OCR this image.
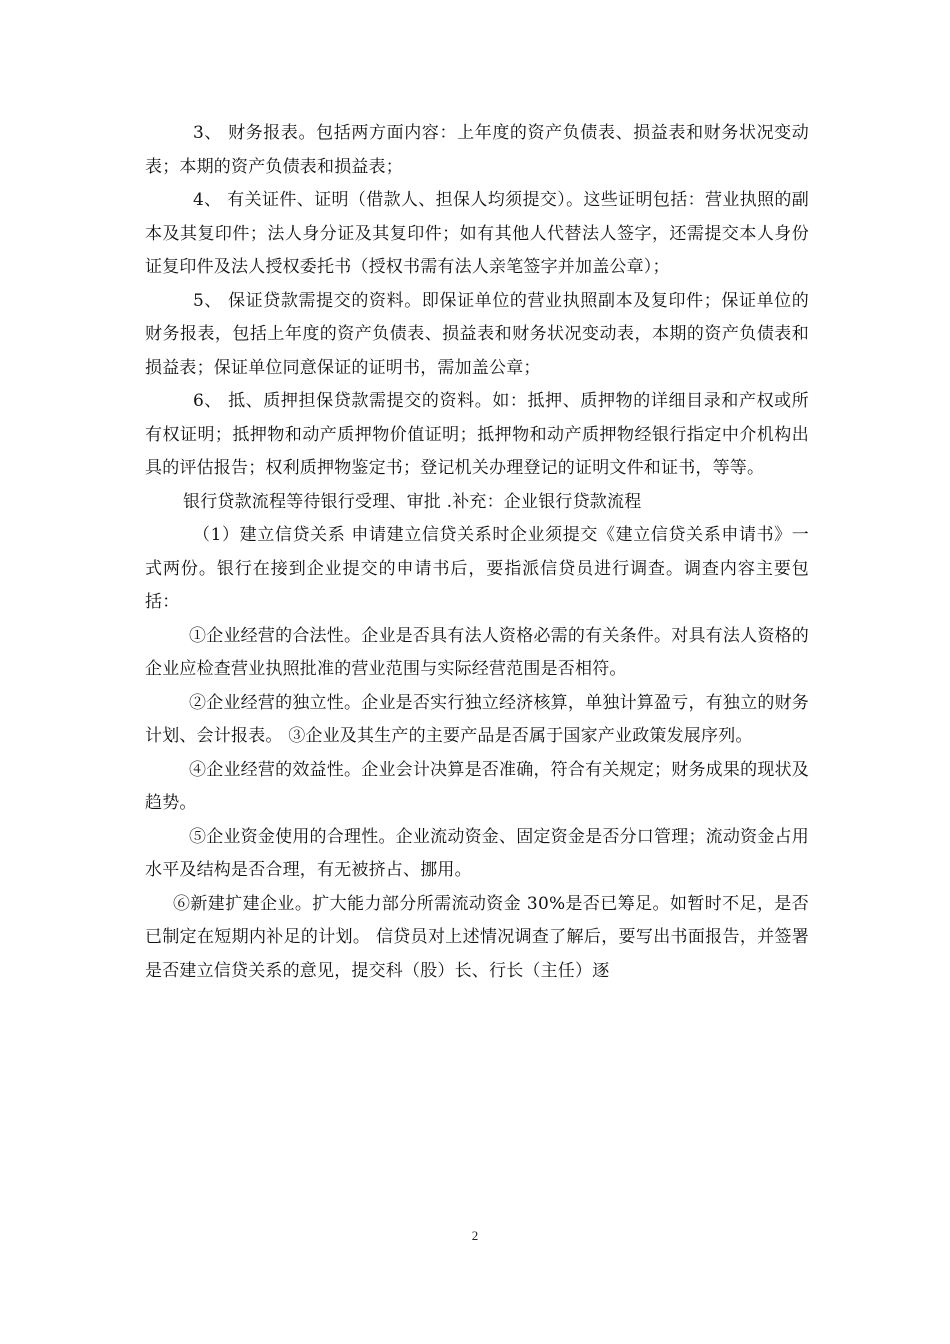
3、 财务报表。包括两方面内容：上年度的资产负债表、损益表和财务状况变动表；本期的资产负债表和损益表；

4、 有关证件、证明（借款人、担保人均须提交）。这些证明包括：营业执照的副本及其复印件；法人身分证及其复印件；如有其他人代替法人签字，还需提交本人身份证复印件及法人授权委托书（授权书需有法人亲笔签字并加盖公章）；

5、 保证贷款需提交的资料。即保证单位的营业执照副本及复印件；保证单位的财务报表，包括上年度的资产负债表、损益表和财务状况变动表，本期的资产负债表和损益表；保证单位同意保证的证明书，需加盖公章；

6、 抵、质押担保贷款需提交的资料。如：抵押、质押物的详细目录和产权或所有权证明；抵押物和动产质押物价值证明；抵押物和动产质押物经银行指定中介机构出具的评估报告；权利质押物鉴定书；登记机关办理登记的证明文件和证书，等等。

银行贷款流程等待银行受理、审批 .补充：企业银行贷款流程

（1）建立信贷关系 申请建立信贷关系时企业须提交《建立信贷关系申请书》一式两份。银行在接到企业提交的申请书后，要指派信贷员进行调查。调查内容主要包括：

①企业经营的合法性。企业是否具有法人资格必需的有关条件。对具有法人资格的企业应检查营业执照批准的营业范围与实际经营范围是否相符。

②企业经营的独立性。企业是否实行独立经济核算，单独计算盈亏，有独立的财务计划、会计报表。 ③企业及其生产的主要产品是否属于国家产业政策发展序列。

④企业经营的效益性。企业会计决算是否准确，符合有关规定；财务成果的现状及趋势。

⑤企业资金使用的合理性。企业流动资金、固定资金是否分口管理；流动资金占用水平及结构是否合理，有无被挤占、挪用。

⑥新建扩建企业。扩大能力部分所需流动资金 30%是否已筹足。如暂时不足，是否已制定在短期内补足的计划。 信贷员对上述情况调查了解后，要写出书面报告，并签署是否建立信贷关系的意见，提交科（股）长、行长（主任）逐

2
